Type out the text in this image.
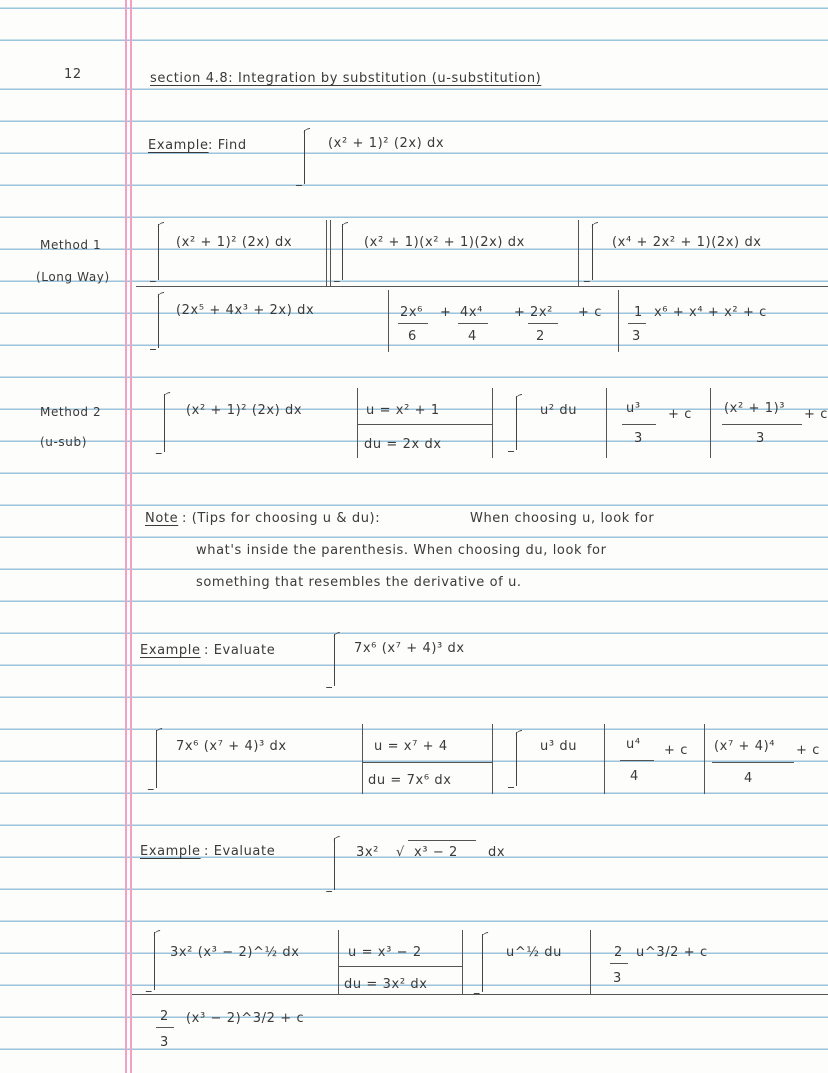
12	section 4.8: Integration by substitution (u-substitution)
Example : Find	(x² + 1)² (2x) dx
Method 1
(Long Way)
(x² + 1)² (2x) dx	(x² + 1)(x² + 1)(2x) dx	(x⁴ + 2x² + 1)(2x) dx
(2x⁵ + 4x³ + 2x) dx	2x⁶
6
+ 4x⁴
4
+ 2x²
2
+ c 1
3
x⁶ + x⁴ + x² + c
Method 2
(u-sub)
(x² + 1)² (2x) dx	u = x² + 1
du = 2x dx
u² du	u³
3
+ c (x² + 1)³
3
+ c
Note : (Tips for choosing u & du):	When choosing u, look for
what's inside the parenthesis. When choosing du, look for
something that resembles the derivative of u.
Example : Evaluate	7x⁶ (x⁷ + 4)³ dx
7x⁶ (x⁷ + 4)³ dx	u = x⁷ + 4
du = 7x⁶ dx
u³ du	u⁴
4
+ c (x⁷ + 4)⁴
4
+ c
Example : Evaluate	3x² √ x³ − 2 dx
3x² (x³ − 2)^½ dx	u = x³ − 2
du = 3x² dx
u^½ du	2
3
u^3/2 + c
2
3
(x³ − 2)^3/2 + c
